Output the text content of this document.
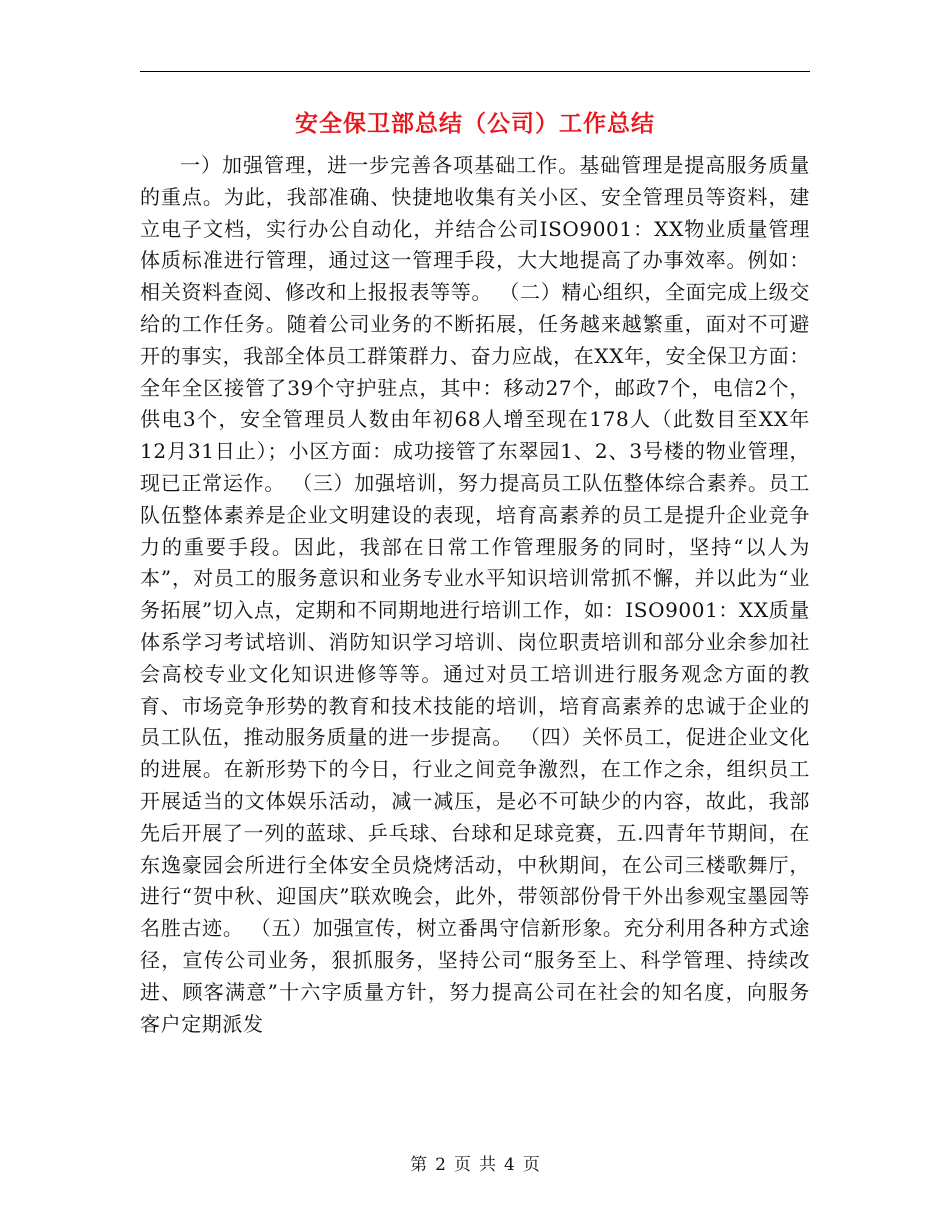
安全保卫部总结（公司）工作总结

一）加强管理，进一步完善各项基础工作。基础管理是提高服务质量的重点。为此，我部准确、快捷地收集有关小区、安全管理员等资料，建立电子文档，实行办公自动化，并结合公司ISO9001：XX物业质量管理体质标准进行管理，通过这一管理手段，大大地提高了办事效率。例如：相关资料查阅、修改和上报报表等等。 （二）精心组织，全面完成上级交给的工作任务。随着公司业务的不断拓展，任务越来越繁重，面对不可避开的事实，我部全体员工群策群力、奋力应战，在XX年，安全保卫方面：全年全区接管了39个守护驻点，其中：移动27个，邮政7个，电信2个，供电3个，安全管理员人数由年初68人增至现在178人（此数目至XX年12月31日止）；小区方面：成功接管了东翠园1、2、3号楼的物业管理，现已正常运作。 （三）加强培训，努力提高员工队伍整体综合素养。员工队伍整体素养是企业文明建设的表现，培育高素养的员工是提升企业竞争力的重要手段。因此，我部在日常工作管理服务的同时，坚持“以人为本”，对员工的服务意识和业务专业水平知识培训常抓不懈，并以此为“业务拓展”切入点，定期和不同期地进行培训工作，如：ISO9001：XX质量体系学习考试培训、消防知识学习培训、岗位职责培训和部分业余参加社会高校专业文化知识进修等等。通过对员工培训进行服务观念方面的教育、市场竞争形势的教育和技术技能的培训，培育高素养的忠诚于企业的员工队伍，推动服务质量的进一步提高。 （四）关怀员工，促进企业文化的进展。在新形势下的今日，行业之间竞争激烈，在工作之余，组织员工开展适当的文体娱乐活动，减一减压，是必不可缺少的内容，故此，我部先后开展了一列的蓝球、乒乓球、台球和足球竞赛，五.四青年节期间，在东逸豪园会所进行全体安全员烧烤活动，中秋期间，在公司三楼歌舞厅，进行“贺中秋、迎国庆”联欢晚会，此外，带领部份骨干外出参观宝墨园等名胜古迹。 （五）加强宣传，树立番禺守信新形象。充分利用各种方式途径，宣传公司业务，狠抓服务，坚持公司“服务至上、科学管理、持续改进、顾客满意”十六字质量方针，努力提高公司在社会的知名度，向服务客户定期派发

第 2 页 共 4 页
